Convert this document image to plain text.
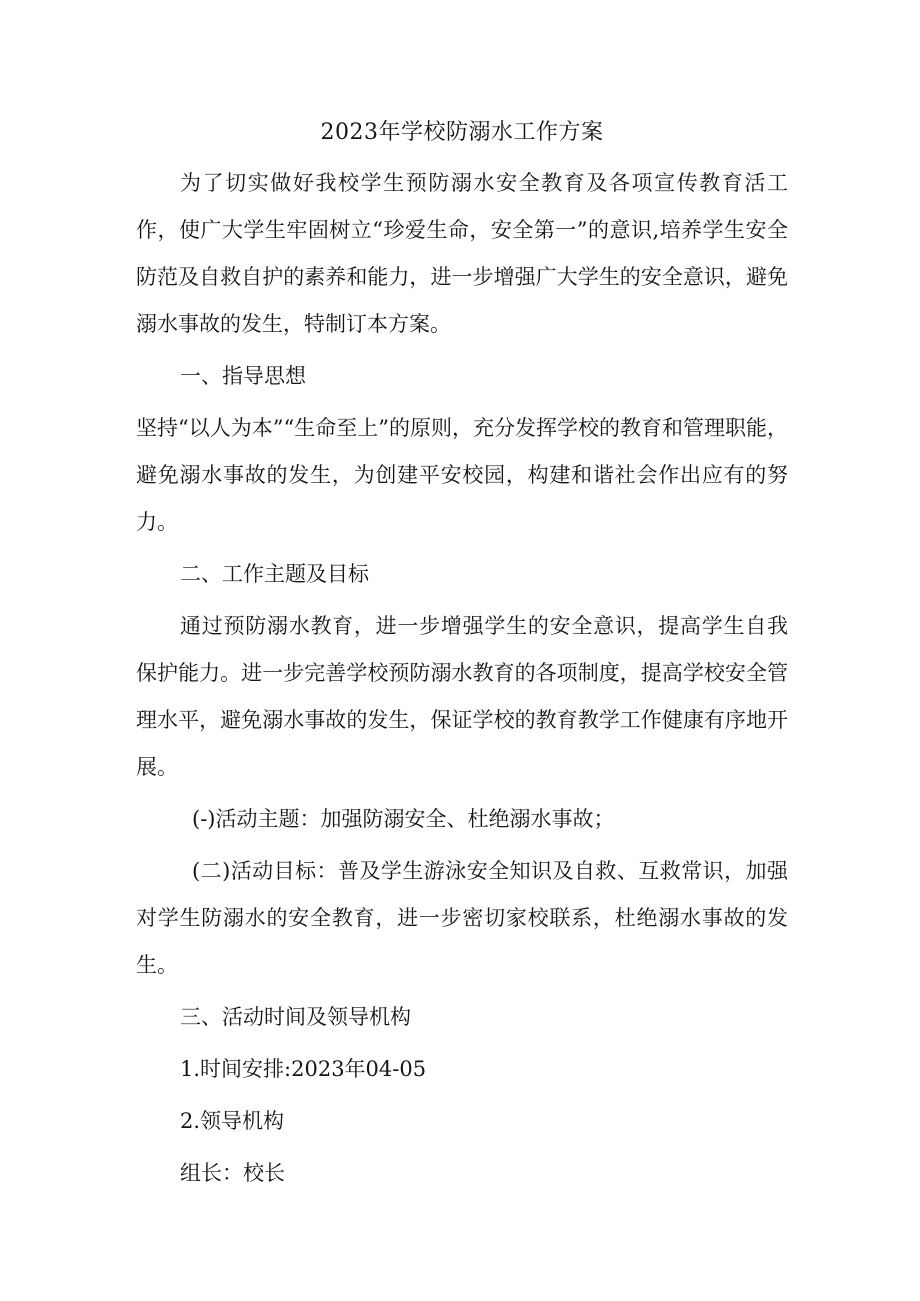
2023年学校防溺水工作方案

为了切实做好我校学生预防溺水安全教育及各项宣传教育活工作，使广大学生牢固树立“珍爱生命，安全第一”的意识,培养学生安全防范及自救自护的素养和能力，进一步增强广大学生的安全意识，避免溺水事故的发生，特制订本方案。

一、指导思想

坚持“以人为本”“生命至上”的原则，充分发挥学校的教育和管理职能，避免溺水事故的发生，为创建平安校园，构建和谐社会作出应有的努力。

二、工作主题及目标

通过预防溺水教育，进一步增强学生的安全意识，提高学生自我保护能力。进一步完善学校预防溺水教育的各项制度，提高学校安全管理水平，避免溺水事故的发生，保证学校的教育教学工作健康有序地开展。

(-)活动主题：加强防溺安全、杜绝溺水事故；

(二)活动目标：普及学生游泳安全知识及自救、互救常识，加强对学生防溺水的安全教育，进一步密切家校联系，杜绝溺水事故的发生。

三、活动时间及领导机构

1.时间安排:2023年04-05

2.领导机构

组长：校长
